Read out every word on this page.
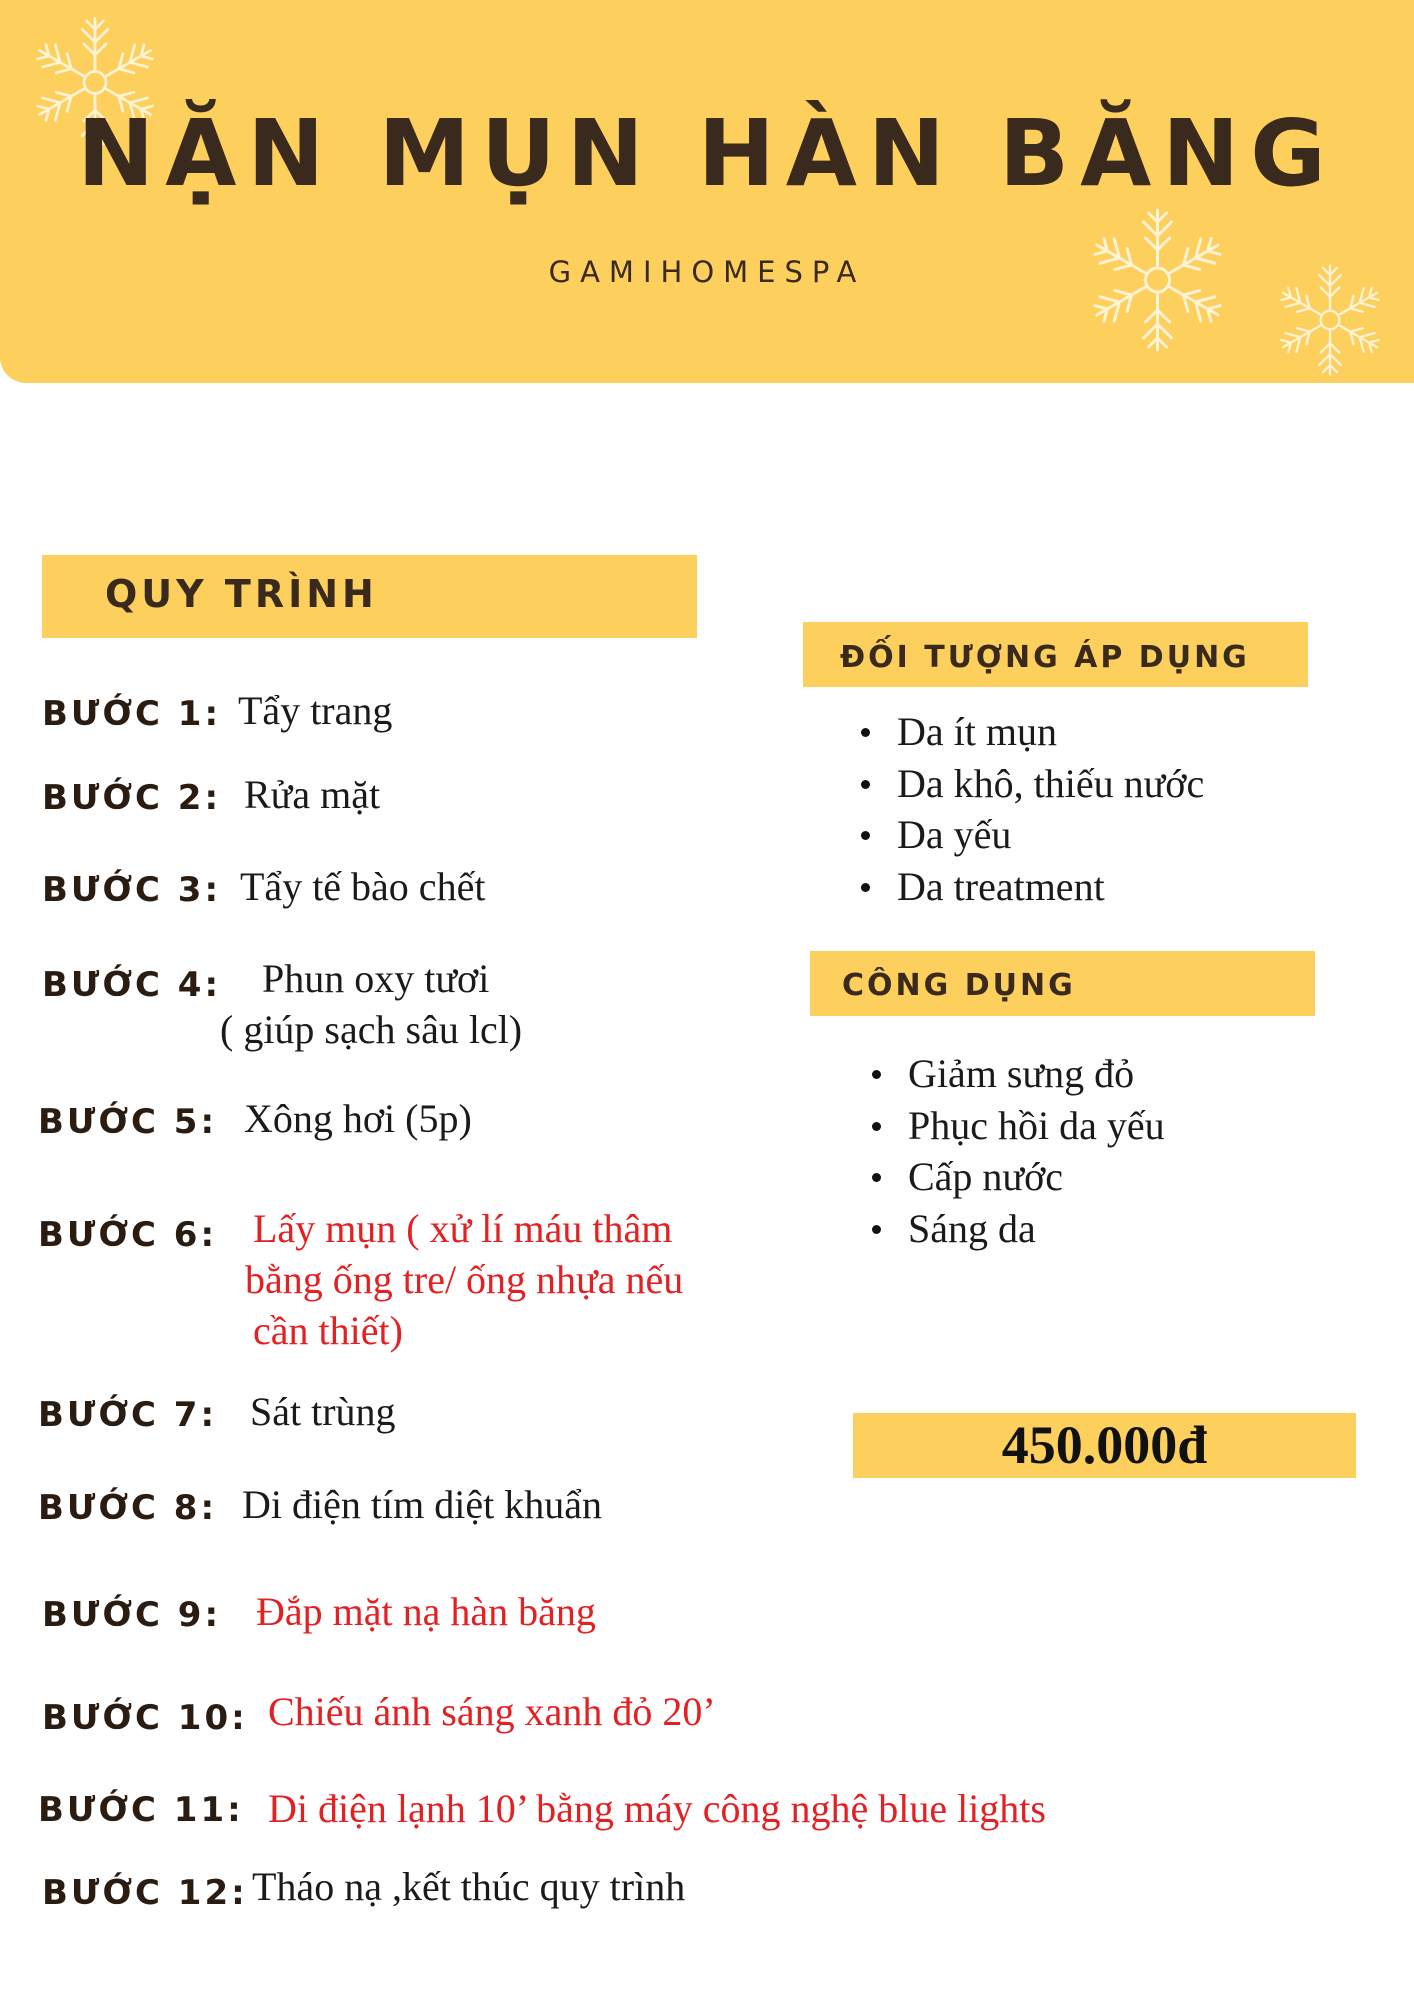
NẶN MỤN HÀN BĂNG
GAMIHOMESPA
QUY TRÌNH
BƯỚC 1: Tẩy trang
BƯỚC 2: Rửa mặt
BƯỚC 3: Tẩy tế bào chết
BƯỚC 4: Phun oxy tươi
( giúp sạch sâu lcl)
BƯỚC 5: Xông hơi (5p)
BƯỚC 6: Lấy mụn ( xử lí máu thâm
bằng ống tre/ ống nhựa nếu
cần thiết)
BƯỚC 7: Sát trùng
BƯỚC 8: Di điện tím diệt khuẩn
BƯỚC 9: Đắp mặt nạ hàn băng
BƯỚC 10: Chiếu ánh sáng xanh đỏ 20’
BƯỚC 11: Di điện lạnh 10’ bằng máy công nghệ blue lights
BƯỚC 12: Tháo nạ ,kết thúc quy trình
ĐỐI TƯỢNG ÁP DỤNG
Da ít mụn
Da khô, thiếu nước
Da yếu
Da treatment
CÔNG DỤNG
Giảm sưng đỏ
Phục hồi da yếu
Cấp nước
Sáng da
450.000đ
